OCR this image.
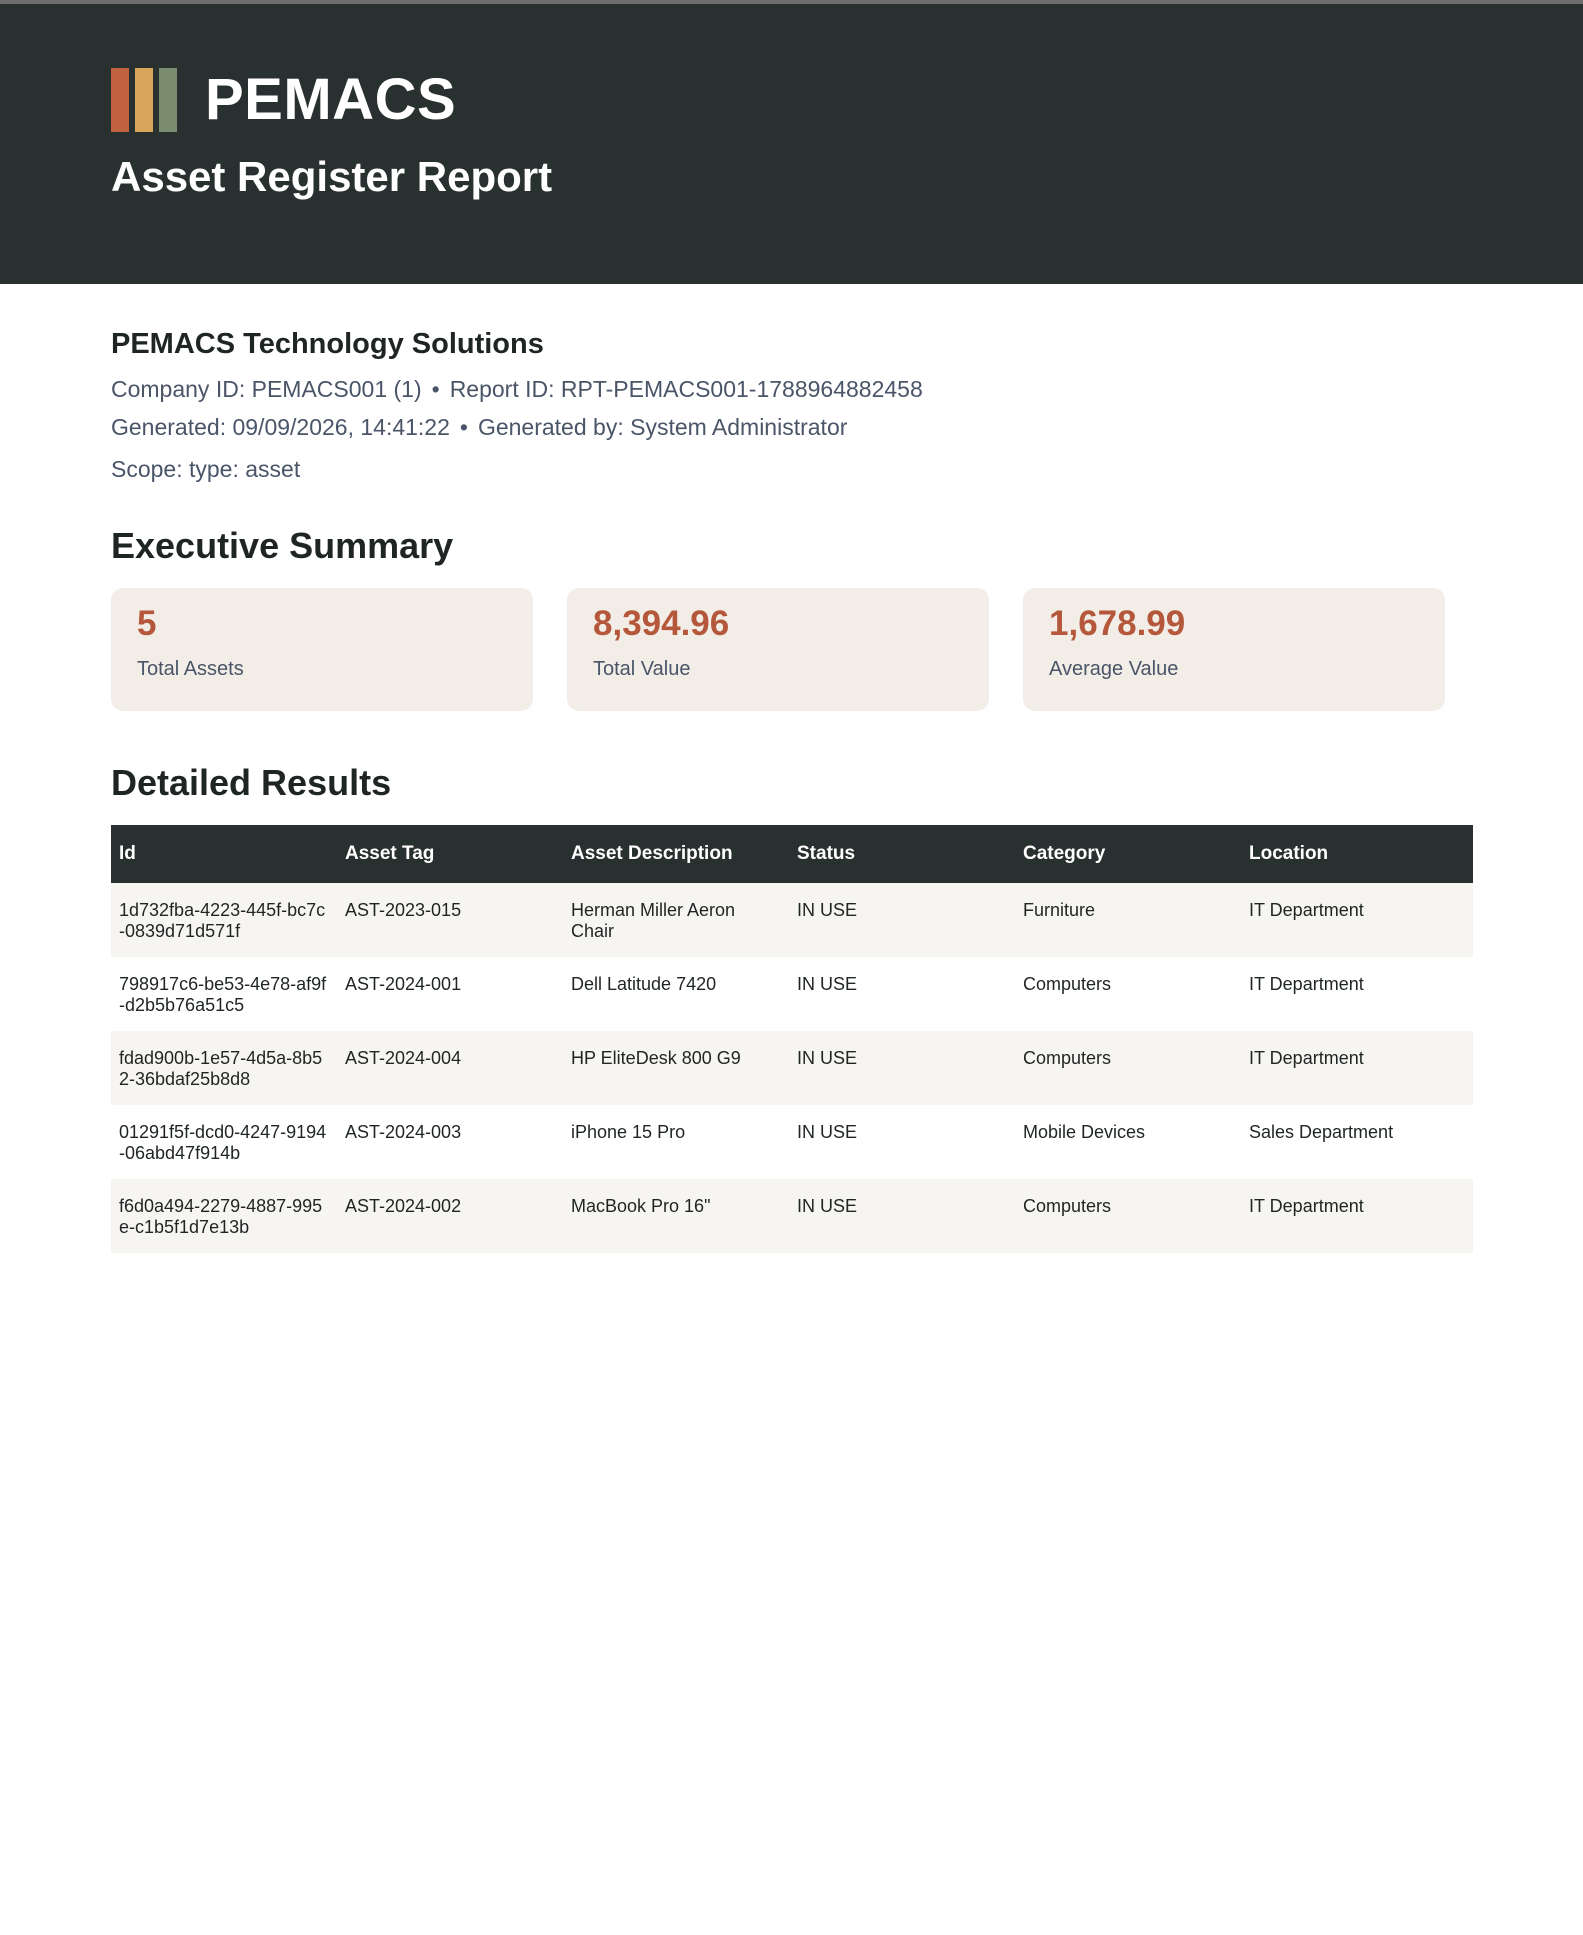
PEMACS
Asset Register Report
PEMACS Technology Solutions
Company ID: PEMACS001 (1) • Report ID: RPT-PEMACS001-1788964882458
Generated: 09/09/2026, 14:41:22 • Generated by: System Administrator
Scope: type: asset
Executive Summary
5
Total Assets
8,394.96
Total Value
1,678.99
Average Value
Detailed Results
Id	Asset Tag	Asset Description	Status	Category	Location
1d732fba-4223-445f-bc7c-0839d71d571f	AST-2023-015	Herman Miller Aeron Chair	IN USE	Furniture	IT Department
798917c6-be53-4e78-af9f-d2b5b76a51c5	AST-2024-001	Dell Latitude 7420	IN USE	Computers	IT Department
fdad900b-1e57-4d5a-8b52-36bdaf25b8d8	AST-2024-004	HP EliteDesk 800 G9	IN USE	Computers	IT Department
01291f5f-dcd0-4247-9194-06abd47f914b	AST-2024-003	iPhone 15 Pro	IN USE	Mobile Devices	Sales Department
f6d0a494-2279-4887-995e-c1b5f1d7e13b	AST-2024-002	MacBook Pro 16"	IN USE	Computers	IT Department
